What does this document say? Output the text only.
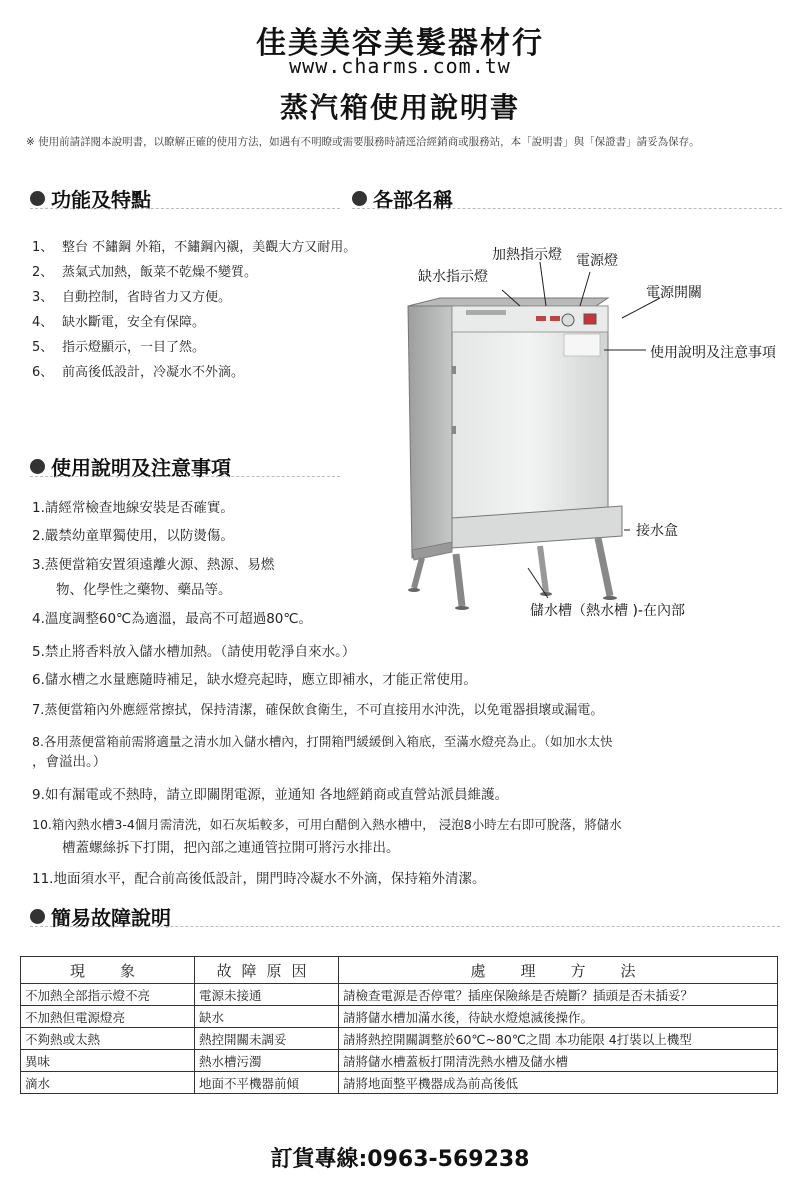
佳美美容美髮器材行
www.charms.com.tw
蒸汽箱使用說明書
※ 使用前請詳閱本說明書，以瞭解正確的使用方法，如遇有不明瞭或需要服務時請逕洽經銷商或服務站，本「說明書」與「保證書」請妥為保存。
功能及特點
1、 整台 不鏽鋼 外箱，不鏽鋼內襯，美觀大方又耐用。
2、 蒸氣式加熱，飯菜不乾燥不變質。
3、 自動控制，省時省力又方便。
4、 缺水斷電，安全有保障。
5、 指示燈顯示，一目了然。
6、 前高後低設計，冷凝水不外滴。
各部名稱
加熱指示燈 電源燈
缺水指示燈
電源開關
使用說明及注意事項
接水盒
儲水槽（熱水槽 )-在內部
使用說明及注意事項
1.請經常檢查地線安裝是否確實。
2.嚴禁幼童單獨使用，以防燙傷。
3.蒸便當箱安置須遠離火源、熱源、易燃
物、化學性之藥物、藥品等。
4.溫度調整60℃為適溫，最高不可超過80℃。
5.禁止將香料放入儲水槽加熱。（請使用乾淨自來水。）
6.儲水槽之水量應隨時補足，缺水燈亮起時，應立即補水，才能正常使用。
7.蒸便當箱內外應經常擦拭，保持清潔，確保飲食衛生，不可直接用水沖洗，以免電器損壞或漏電。
8.各用蒸便當箱前需將適量之清水加入儲水槽內，打開箱門緩緩倒入箱底，至滿水燈亮為止。（如加水太快
，會溢出。）
9.如有漏電或不熱時，請立即關閉電源，並通知 各地經銷商或直營站派員維護。
10.箱內熱水槽3-4個月需清洗，如石灰垢較多，可用白醋倒入熱水槽中， 浸泡8小時左右即可脫落，將儲水
槽蓋螺絲拆下打開，把內部之連通管拉開可將污水排出。
11.地面須水平，配合前高後低設計，開門時冷凝水不外滴，保持箱外清潔。
簡易故障說明
現　象	故障原因	處　理　方　法
不加熱全部指示燈不亮	電源未接通	請檢查電源是否停電？插座保險絲是否燒斷？插頭是否未插妥？
不加熱但電源燈亮	缺水	請將儲水槽加滿水後，待缺水燈熄滅後操作。
不夠熱或太熱	熱控開關未調妥	請將熱控開關調整於60℃~80℃之間 本功能限 4打裝以上機型
異味	熱水槽污濁	請將儲水槽蓋板打開清洗熱水槽及儲水槽
滴水	地面不平機器前傾	請將地面整平機器成為前高後低
訂貨專線:0963-569238
